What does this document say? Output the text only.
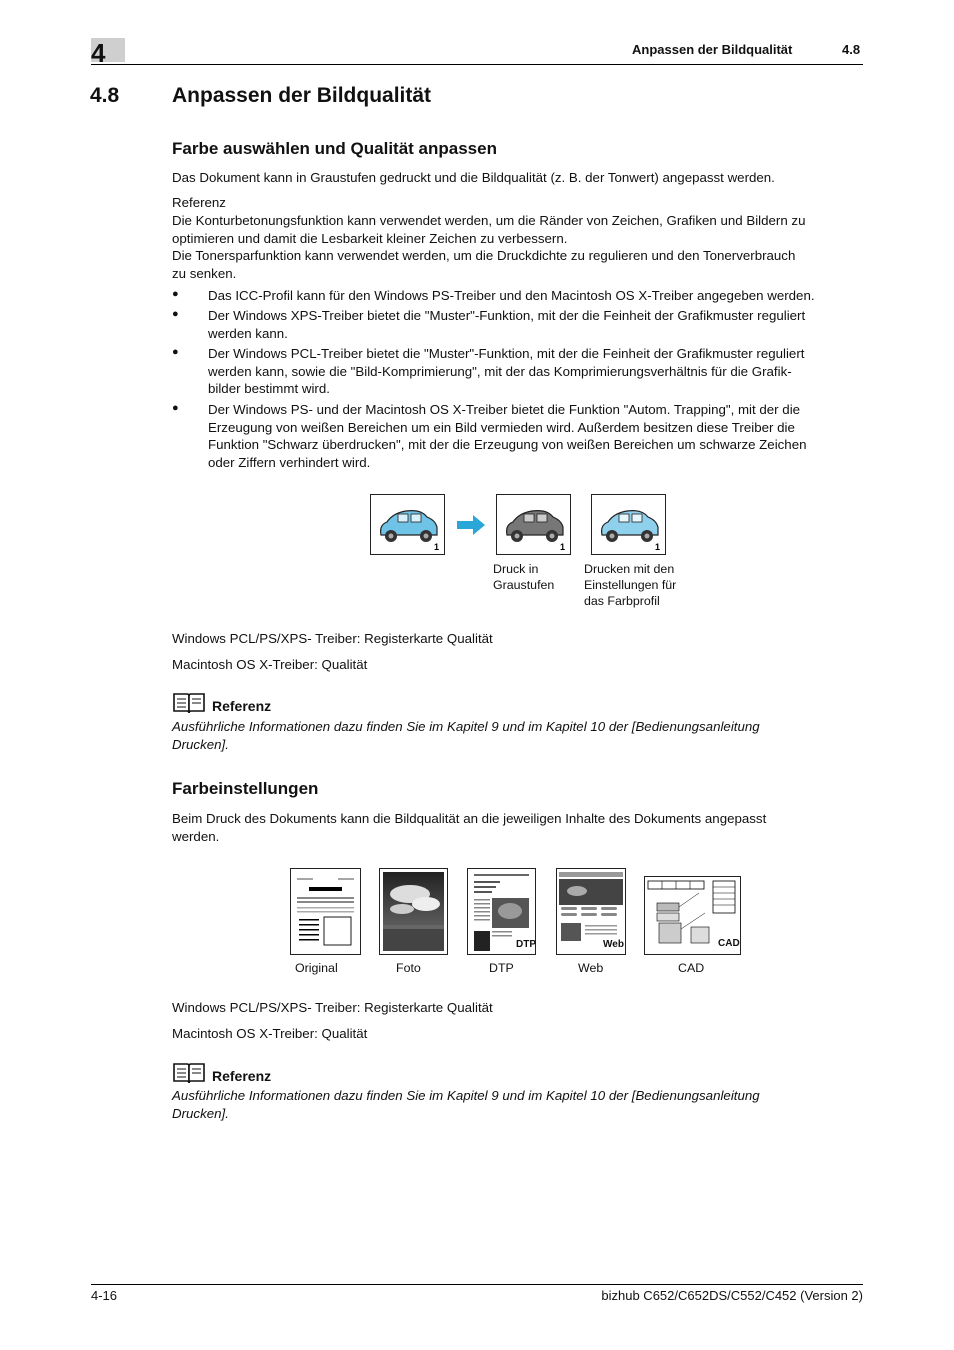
4	Anpassen der Bildqualität	4.8
4.8	Anpassen der Bildqualität
Farbe auswählen und Qualität anpassen
Das Dokument kann in Graustufen gedruckt und die Bildqualität (z. B. der Tonwert) angepasst werden.
Referenz
Die Konturbetonungsfunktion kann verwendet werden, um die Ränder von Zeichen, Grafiken und Bildern zu
optimieren und damit die Lesbarkeit kleiner Zeichen zu verbessern.
Die Tonersparfunktion kann verwendet werden, um die Druckdichte zu regulieren und den Tonerverbrauch
zu senken.
● Das ICC-Profil kann für den Windows PS-Treiber und den Macintosh OS X-Treiber angegeben werden.
● Der Windows XPS-Treiber bietet die "Muster"-Funktion, mit der die Feinheit der Grafikmuster reguliert
werden kann.
● Der Windows PCL-Treiber bietet die "Muster"-Funktion, mit der die Feinheit der Grafikmuster reguliert
werden kann, sowie die "Bild-Komprimierung", mit der das Komprimierungsverhältnis für die Grafik-
bilder bestimmt wird.
● Der Windows PS- und der Macintosh OS X-Treiber bietet die Funktion "Autom. Trapping", mit der die
Erzeugung von weißen Bereichen um ein Bild vermieden wird. Außerdem besitzen diese Treiber die
Funktion "Schwarz überdrucken", mit der die Erzeugung von weißen Bereichen um schwarze Zeichen
oder Ziffern verhindert wird.
1	1	1
Druck in
Graustufen
Drucken mit den
Einstellungen für
das Farbprofil
Windows PCL/PS/XPS- Treiber: Registerkarte Qualität
Macintosh OS X-Treiber: Qualität
Referenz
Ausführliche Informationen dazu finden Sie im Kapitel 9 und im Kapitel 10 der [Bedienungsanleitung
Drucken].
Farbeinstellungen
Beim Druck des Dokuments kann die Bildqualität an die jeweiligen Inhalte des Dokuments angepasst
werden.
DTP	Web	CAD
Original	Foto	DTP	Web	CAD
Windows PCL/PS/XPS- Treiber: Registerkarte Qualität
Macintosh OS X-Treiber: Qualität
Referenz
Ausführliche Informationen dazu finden Sie im Kapitel 9 und im Kapitel 10 der [Bedienungsanleitung
Drucken].
4-16	bizhub C652/C652DS/C552/C452 (Version 2)
